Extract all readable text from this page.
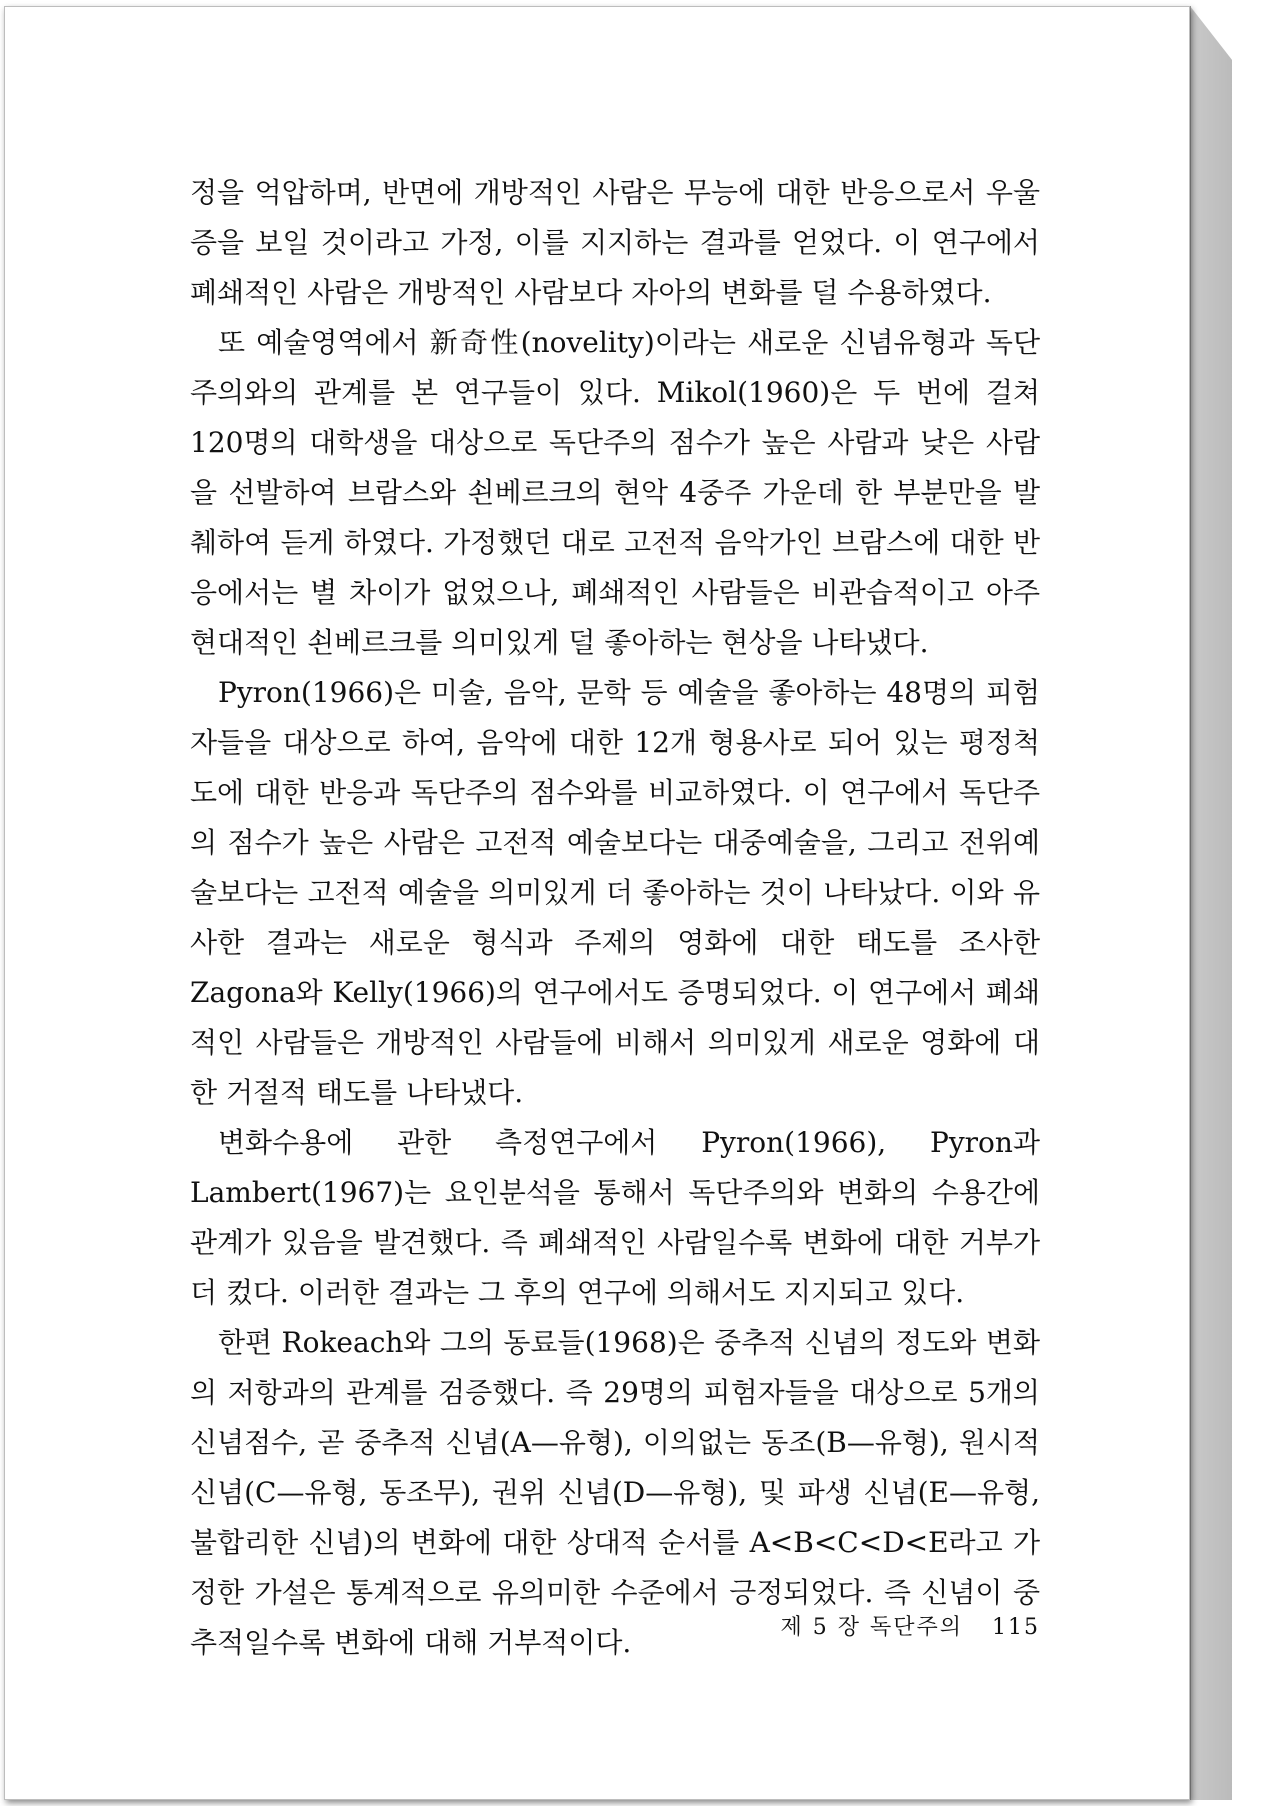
정을 억압하며, 반면에 개방적인 사람은 무능에 대한 반응으로서 우울증을 보일 것이라고 가정, 이를 지지하는 결과를 얻었다. 이 연구에서 폐쇄적인 사람은 개방적인 사람보다 자아의 변화를 덜 수용하였다.

또 예술영역에서 新奇性(novelity)이라는 새로운 신념유형과 독단주의와의 관계를 본 연구들이 있다. Mikol(1960)은 두 번에 걸쳐 120명의 대학생을 대상으로 독단주의 점수가 높은 사람과 낮은 사람을 선발하여 브람스와 쇤베르크의 현악 4중주 가운데 한 부분만을 발췌하여 듣게 하였다. 가정했던 대로 고전적 음악가인 브람스에 대한 반응에서는 별 차이가 없었으나, 폐쇄적인 사람들은 비관습적이고 아주 현대적인 쇤베르크를 의미있게 덜 좋아하는 현상을 나타냈다.

Pyron(1966)은 미술, 음악, 문학 등 예술을 좋아하는 48명의 피험자들을 대상으로 하여, 음악에 대한 12개 형용사로 되어 있는 평정척도에 대한 반응과 독단주의 점수와를 비교하였다. 이 연구에서 독단주의 점수가 높은 사람은 고전적 예술보다는 대중예술을, 그리고 전위예술보다는 고전적 예술을 의미있게 더 좋아하는 것이 나타났다. 이와 유사한 결과는 새로운 형식과 주제의 영화에 대한 태도를 조사한 Zagona와 Kelly(1966)의 연구에서도 증명되었다. 이 연구에서 폐쇄적인 사람들은 개방적인 사람들에 비해서 의미있게 새로운 영화에 대한 거절적 태도를 나타냈다.

변화수용에 관한 측정연구에서 Pyron(1966), Pyron과 Lambert(1967)는 요인분석을 통해서 독단주의와 변화의 수용간에 관계가 있음을 발견했다. 즉 폐쇄적인 사람일수록 변화에 대한 거부가 더 컸다. 이러한 결과는 그 후의 연구에 의해서도 지지되고 있다.

한편 Rokeach와 그의 동료들(1968)은 중추적 신념의 정도와 변화의 저항과의 관계를 검증했다. 즉 29명의 피험자들을 대상으로 5개의 신념점수, 곧 중추적 신념(A—유형), 이의없는 동조(B—유형), 원시적 신념(C—유형, 동조무), 권위 신념(D—유형), 및 파생 신념(E—유형, 불합리한 신념)의 변화에 대한 상대적 순서를 A<B<C<D<E라고 가정한 가설은 통계적으로 유의미한 수준에서 긍정되었다. 즉 신념이 중추적일수록 변화에 대해 거부적이다.	제 5 장 독단주의 115
